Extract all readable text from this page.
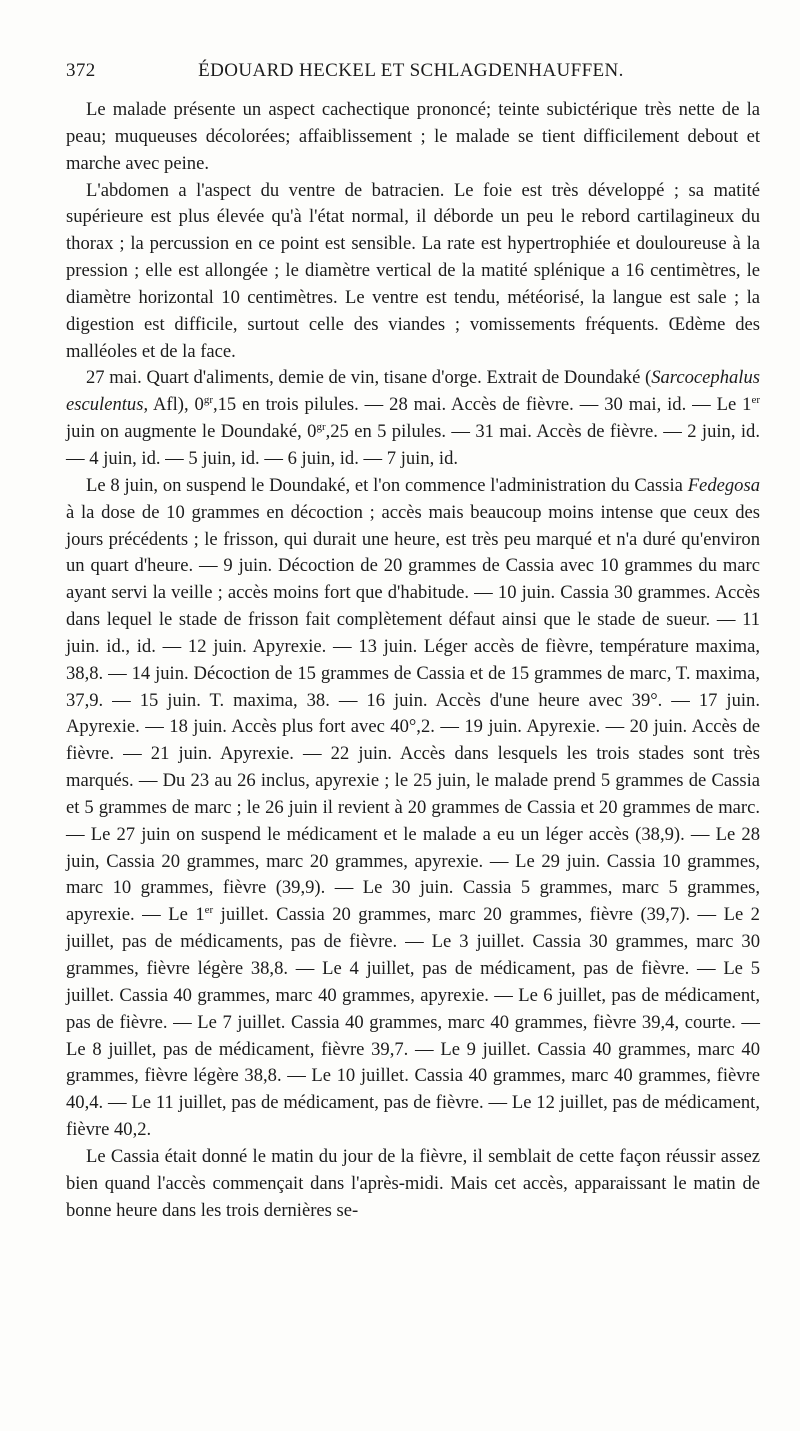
372	ÉDOUARD HECKEL ET SCHLAGDENHAUFFEN.

Le malade présente un aspect cachectique prononcé; teinte subictérique très nette de la peau; muqueuses décolorées; affaiblissement ; le malade se tient difficilement debout et marche avec peine.

L'abdomen a l'aspect du ventre de batracien. Le foie est très développé ; sa matité supérieure est plus élevée qu'à l'état normal, il déborde un peu le rebord cartilagineux du thorax ; la percussion en ce point est sensible. La rate est hypertrophiée et douloureuse à la pression ; elle est allongée ; le diamètre vertical de la matité splénique a 16 centimètres, le diamètre horizontal 10 centimètres. Le ventre est tendu, météorisé, la langue est sale ; la digestion est difficile, surtout celle des viandes ; vomissements fréquents. Œdème des malléoles et de la face.

27 mai. Quart d'aliments, demie de vin, tisane d'orge. Extrait de Doundaké (Sarcocephalus esculentus, Afl), $0^{gr},15$ en trois pilules. — 28 mai. Accès de fièvre. — 30 mai, id. — Le 1er juin on augmente le Doundaké, $0^{gr},25$ en 5 pilules. — 31 mai. Accès de fièvre. — 2 juin, id. — 4 juin, id. — 5 juin, id. — 6 juin, id. — 7 juin, id.

Le 8 juin, on suspend le Doundaké, et l'on commence l'administration du Cassia Fedegosa à la dose de 10 grammes en décoction ; accès mais beaucoup moins intense que ceux des jours précédents ; le frisson, qui durait une heure, est très peu marqué et n'a duré qu'environ un quart d'heure. — 9 juin. Décoction de 20 grammes de Cassia avec 10 grammes du marc ayant servi la veille ; accès moins fort que d'habitude. — 10 juin. Cassia 30 grammes. Accès dans lequel le stade de frisson fait complètement défaut ainsi que le stade de sueur. — 11 juin. id., id. — 12 juin. Apyrexie. — 13 juin. Léger accès de fièvre, température maxima, 38,8. — 14 juin. Décoction de 15 grammes de Cassia et de 15 grammes de marc, T. maxima, 37,9. — 15 juin. T. maxima, 38. — 16 juin. Accès d'une heure avec 39°. — 17 juin. Apyrexie. — 18 juin. Accès plus fort avec 40°,2. — 19 juin. Apyrexie. — 20 juin. Accès de fièvre. — 21 juin. Apyrexie. — 22 juin. Accès dans lesquels les trois stades sont très marqués. — Du 23 au 26 inclus, apyrexie ; le 25 juin, le malade prend 5 grammes de Cassia et 5 grammes de marc ; le 26 juin il revient à 20 grammes de Cassia et 20 grammes de marc. — Le 27 juin on suspend le médicament et le malade a eu un léger accès (38,9). — Le 28 juin, Cassia 20 grammes, marc 20 grammes, apyrexie. — Le 29 juin. Cassia 10 grammes, marc 10 grammes, fièvre (39,9). — Le 30 juin. Cassia 5 grammes, marc 5 grammes, apyrexie. — Le 1er juillet. Cassia 20 grammes, marc 20 grammes, fièvre (39,7). — Le 2 juillet, pas de médicaments, pas de fièvre. — Le 3 juillet. Cassia 30 grammes, marc 30 grammes, fièvre légère 38,8. — Le 4 juillet, pas de médicament, pas de fièvre. — Le 5 juillet. Cassia 40 grammes, marc 40 grammes, apyrexie. — Le 6 juillet, pas de médicament, pas de fièvre. — Le 7 juillet. Cassia 40 grammes, marc 40 grammes, fièvre 39,4, courte. — Le 8 juillet, pas de médicament, fièvre 39,7. — Le 9 juillet. Cassia 40 grammes, marc 40 grammes, fièvre légère 38,8. — Le 10 juillet. Cassia 40 grammes, marc 40 grammes, fièvre 40,4. — Le 11 juillet, pas de médicament, pas de fièvre. — Le 12 juillet, pas de médicament, fièvre 40,2.

Le Cassia était donné le matin du jour de la fièvre, il semblait de cette façon réussir assez bien quand l'accès commençait dans l'après-midi. Mais cet accès, apparaissant le matin de bonne heure dans les trois dernières se-
